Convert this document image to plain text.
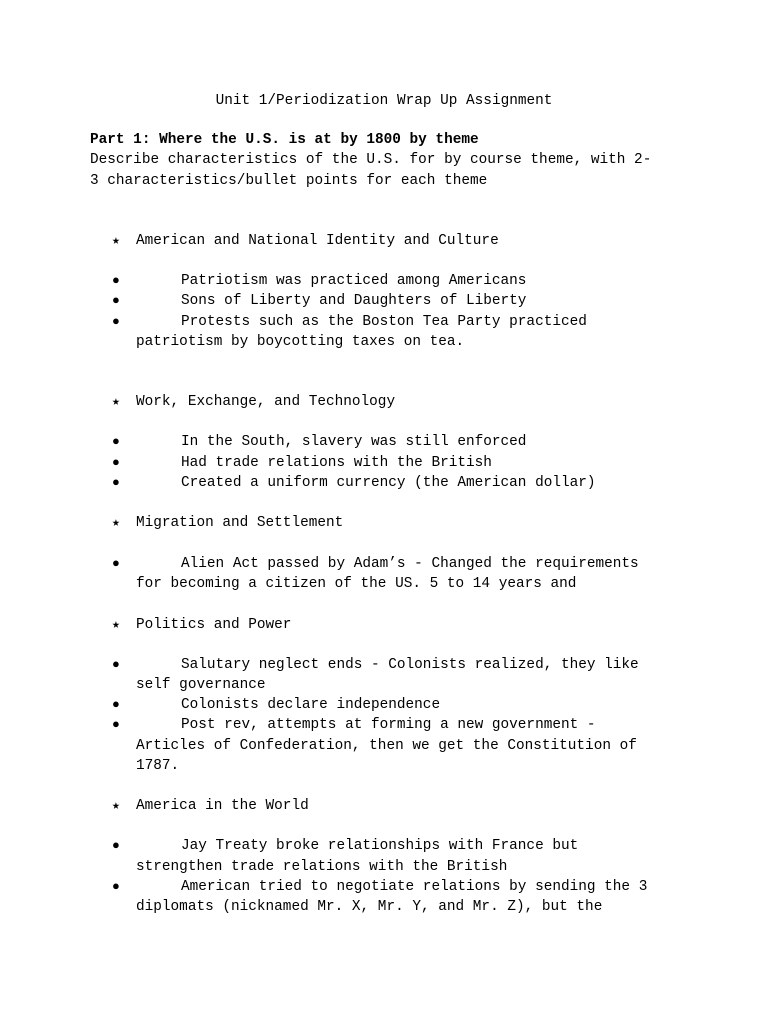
Unit 1/Periodization Wrap Up Assignment
Part 1: Where the U.S. is at by 1800 by theme
Describe characteristics of the U.S. for by course theme, with 2-
3 characteristics/bullet points for each theme
★ American and National Identity and Culture
●	Patriotism was practiced among Americans
●	Sons of Liberty and Daughters of Liberty
●	Protests such as the Boston Tea Party practiced
patriotism by boycotting taxes on tea.
★ Work, Exchange, and Technology
●	In the South, slavery was still enforced
●	Had trade relations with the British
●	Created a uniform currency (the American dollar)
★ Migration and Settlement
●	Alien Act passed by Adam’s - Changed the requirements
for becoming a citizen of the US. 5 to 14 years and
★ Politics and Power
●	Salutary neglect ends - Colonists realized, they like
self governance
●	Colonists declare independence
●	Post rev, attempts at forming a new government -
Articles of Confederation, then we get the Constitution of
1787.
★ America in the World
●	Jay Treaty broke relationships with France but
strengthen trade relations with the British
●	American tried to negotiate relations by sending the 3
diplomats (nicknamed Mr. X, Mr. Y, and Mr. Z), but the
